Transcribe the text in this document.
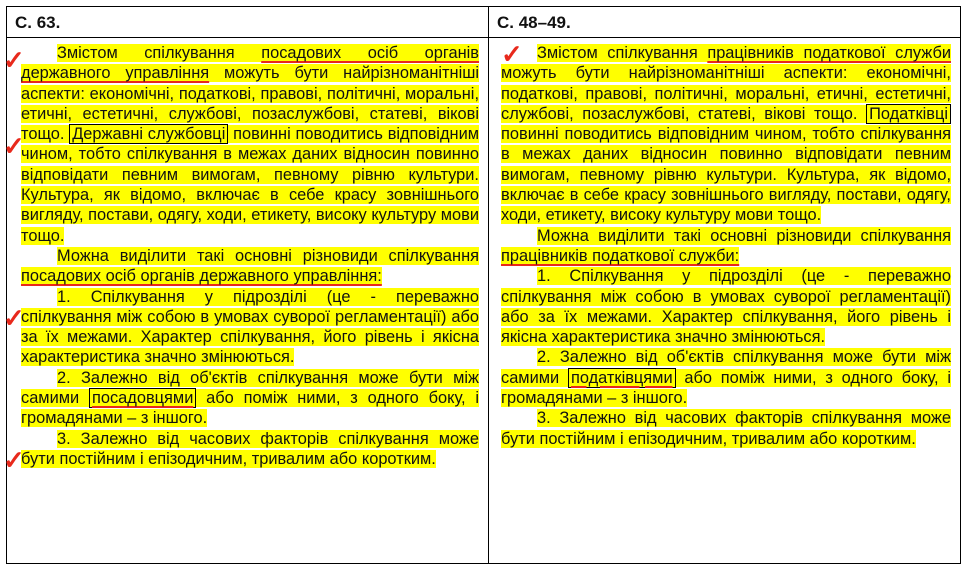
С. 63.	С. 48–49.

Змістом спілкування посадових осіб органів державного управління можуть бути найрізноманітніші аспекти: економічні, податкові, правові, політичні, моральні, етичні, естетичні, службові, позаслужбові, статеві, вікові тощо. Державні службовці повинні поводитись відповідним чином, тобто спілкування в межах даних відносин повинно відповідати певним вимогам, певному рівню культури. Культура, як відомо, включає в себе красу зовнішнього вигляду, постави, одягу, ходи, етикету, високу культуру мови тощо.

Можна виділити такі основні різновиди спілкування посадових осіб органів державного управління:

1. Спілкування у підрозділі (це - переважно спілкування між собою в умовах суворої регламентації) або за їх межами. Характер спілкування, його рівень і якісна характеристика значно змінюються.

2. Залежно від об'єктів спілкування може бути між самими посадовцями або поміж ними, з одного боку, і громадянами – з іншого.

3. Залежно від часових факторів спілкування може бути постійним і епізодичним, тривалим або коротким.

Змістом спілкування працівників податкової служби можуть бути найрізноманітніші аспекти: економічні, податкові, правові, політичні, моральні, етичні, естетичні, службові, позаслужбові, статеві, вікові тощо. Податківці повинні поводитись відповідним чином, тобто спілкування в межах даних відносин повинно відповідати певним вимогам, певному рівню культури. Культура, як відомо, включає в себе красу зовнішнього вигляду, постави, одягу, ходи, етикету, високу культуру мови тощо.

Можна виділити такі основні різновиди спілкування працівників податкової служби:

1. Спілкування у підрозділі (це - переважно спілкування між собою в умовах суворої регламентації) або за їх межами. Характер спілкування, його рівень і якісна характеристика значно змінюються.

2. Залежно від об'єктів спілкування може бути між самими податківцями або поміж ними, з одного боку, і громадянами – з іншого.

3. Залежно від часових факторів спілкування може бути постійним і епізодичним, тривалим або коротким.

✓
✓
✓
✓
✓
